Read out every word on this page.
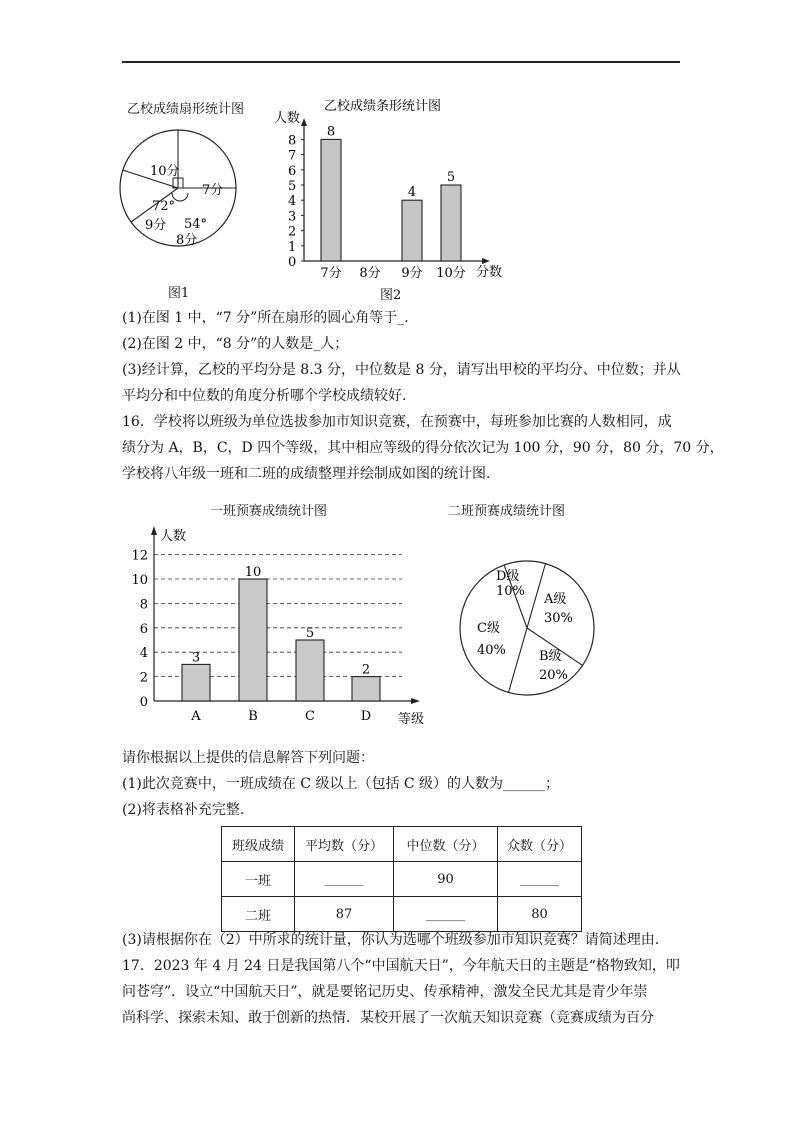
乙校成绩扇形统计图
10分
7分
72°
9分 54°
8分
图1
乙校成绩条形统计图
人数
0
1
2
3
4
5
6
7
8
8
7分 8分
4
9分
5
10分 分数
图2
(1)在图 1 中，“7 分”所在扇形的圆心角等于_.
(2)在图 2 中，“8 分”的人数是_人；
(3)经计算，乙校的平均分是 8.3 分，中位数是 8 分，请写出甲校的平均分、中位数；并从
平均分和中位数的角度分析哪个学校成绩较好.
16．学校将以班级为单位选拔参加市知识竞赛，在预赛中，每班参加比赛的人数相同，成
绩分为 A，B，C，D 四个等级，其中相应等级的得分依次记为 100 分，90 分，80 分，70 分，
学校将八年级一班和二班的成绩整理并绘制成如图的统计图.
一班预赛成绩统计图
人数
0
2
4
6
8
10
12
3
A
10
B
5
C
2
D 等级
二班预赛成绩统计图
D级
10%
A级
30%
C级
40%	B级
20%
请你根据以上提供的信息解答下列问题：
(1)此次竞赛中，一班成绩在 C 级以上（包括 C 级）的人数为______；
(2)将表格补充完整.
班级成绩	平均数（分）	中位数（分）	众数（分）
一班	______	90	______
二班	87	______	80
(3)请根据你在（2）中所求的统计量，你认为选哪个班级参加市知识竞赛？请简述理由.
17．2023 年 4 月 24 日是我国第八个“中国航天日”，今年航天日的主题是“格物致知，叩
问苍穹”．设立“中国航天日”，就是要铭记历史、传承精神，激发全民尤其是青少年崇
尚科学、探索未知、敢于创新的热情．某校开展了一次航天知识竞赛（竞赛成绩为百分
